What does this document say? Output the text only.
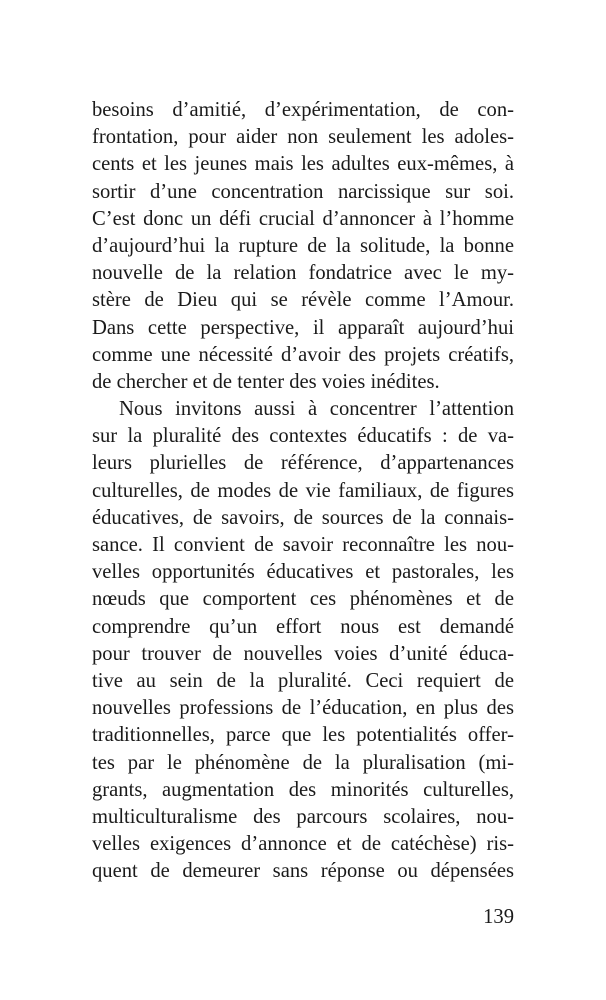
besoins d’amitié, d’expérimentation, de con-
frontation, pour aider non seulement les adoles-
cents et les jeunes mais les adultes eux-mêmes, à
sortir d’une concentration narcissique sur soi.
C’est donc un défi crucial d’annoncer à l’homme
d’aujourd’hui la rupture de la solitude, la bonne
nouvelle de la relation fondatrice avec le my-
stère de Dieu qui se révèle comme l’Amour.
Dans cette perspective, il apparaît aujourd’hui
comme une nécessité d’avoir des projets créatifs,
de chercher et de tenter des voies inédites.
Nous invitons aussi à concentrer l’attention
sur la pluralité des contextes éducatifs : de va-
leurs plurielles de référence, d’appartenances
culturelles, de modes de vie familiaux, de figures
éducatives, de savoirs, de sources de la connais-
sance. Il convient de savoir reconnaître les nou-
velles opportunités éducatives et pastorales, les
nœuds que comportent ces phénomènes et de
comprendre qu’un effort nous est demandé
pour trouver de nouvelles voies d’unité éduca-
tive au sein de la pluralité. Ceci requiert de
nouvelles professions de l’éducation, en plus des
traditionnelles, parce que les potentialités offer-
tes par le phénomène de la pluralisation (mi-
grants, augmentation des minorités culturelles,
multiculturalisme des parcours scolaires, nou-
velles exigences d’annonce et de catéchèse) ris-
quent de demeurer sans réponse ou dépensées
139
